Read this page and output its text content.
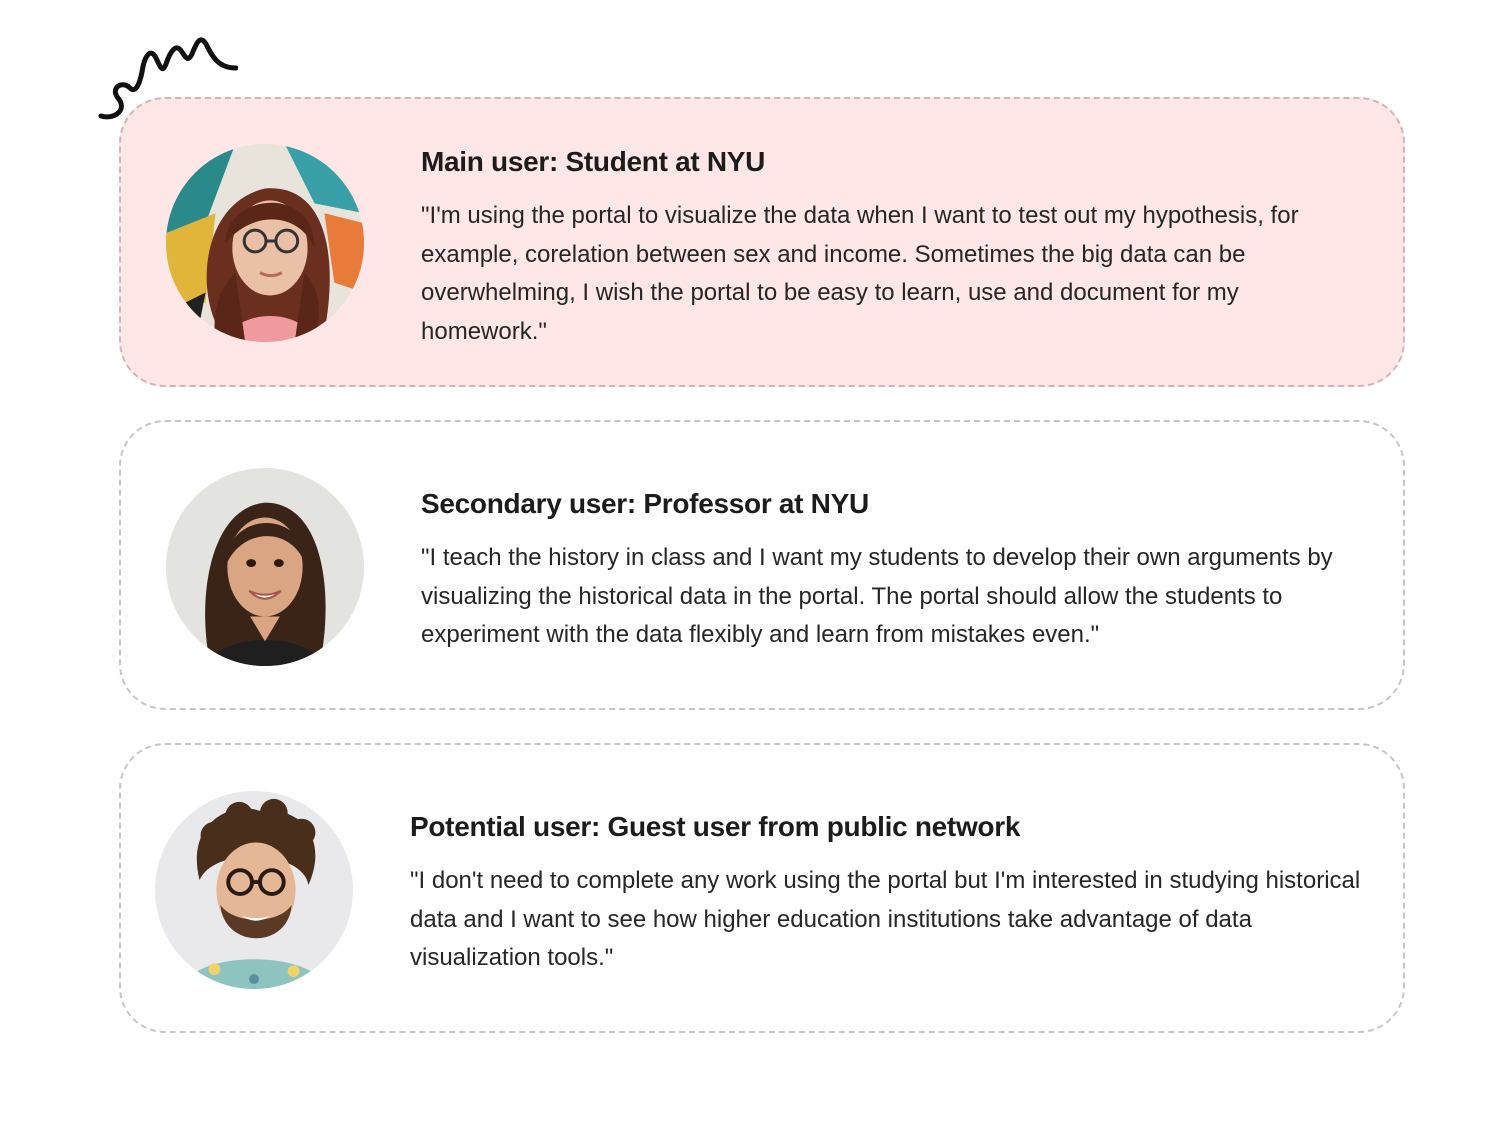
Main user: Student at NYU

"I'm using the portal to visualize the data when I want to test out my hypothesis, for example, corelation between sex and income. Sometimes the big data can be overwhelming, I wish the portal to be easy to learn, use and document for my homework."

Secondary user: Professor at NYU

"I teach the history in class and I want my students to develop their own arguments by visualizing the historical data in the portal. The portal should allow the students to experiment with the data flexibly and learn from mistakes even."

Potential user: Guest user from public network

"I don't need to complete any work using the portal but I'm interested in studying historical data and I want to see how higher education institutions take advantage of data visualization tools."
